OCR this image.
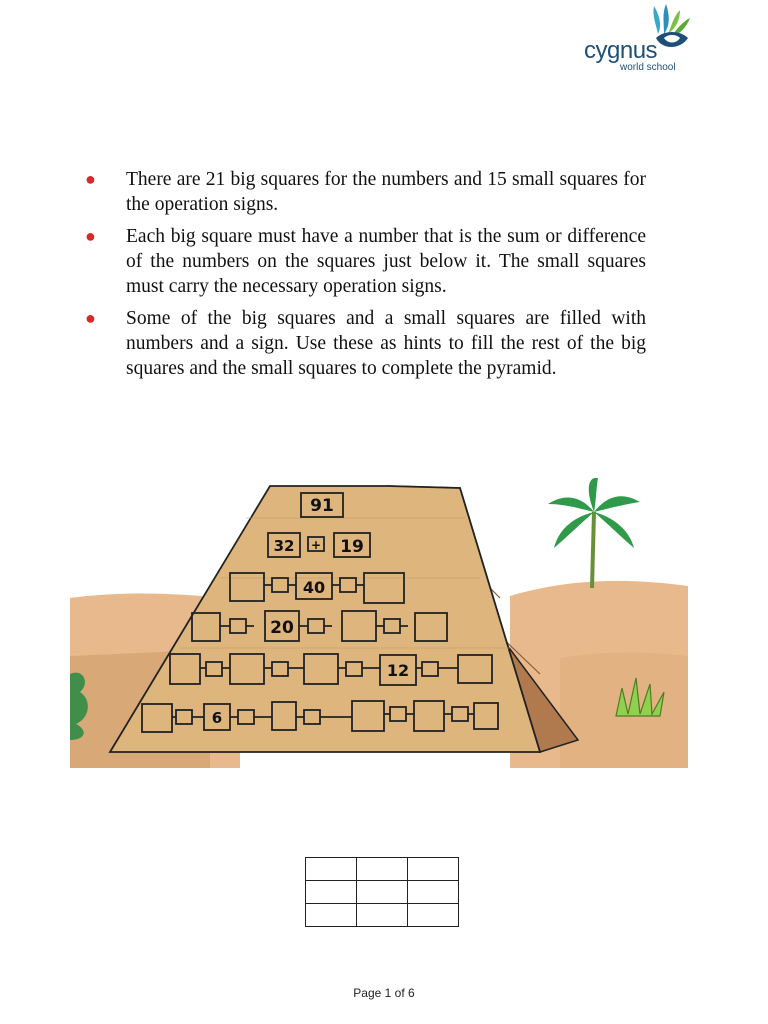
cygnus
world school
● There are 21 big squares for the numbers and 15 small squares for the operation signs.
● Each big square must have a number that is the sum or difference of the numbers on the squares just below it. The small squares must carry the necessary operation signs.
● Some of the big squares and a small squares are filled with numbers and a sign. Use these as hints to fill the rest of the big squares and the small squares to complete the pyramid.
91
32 + 19
40
20
12
6

Page 1 of 6
